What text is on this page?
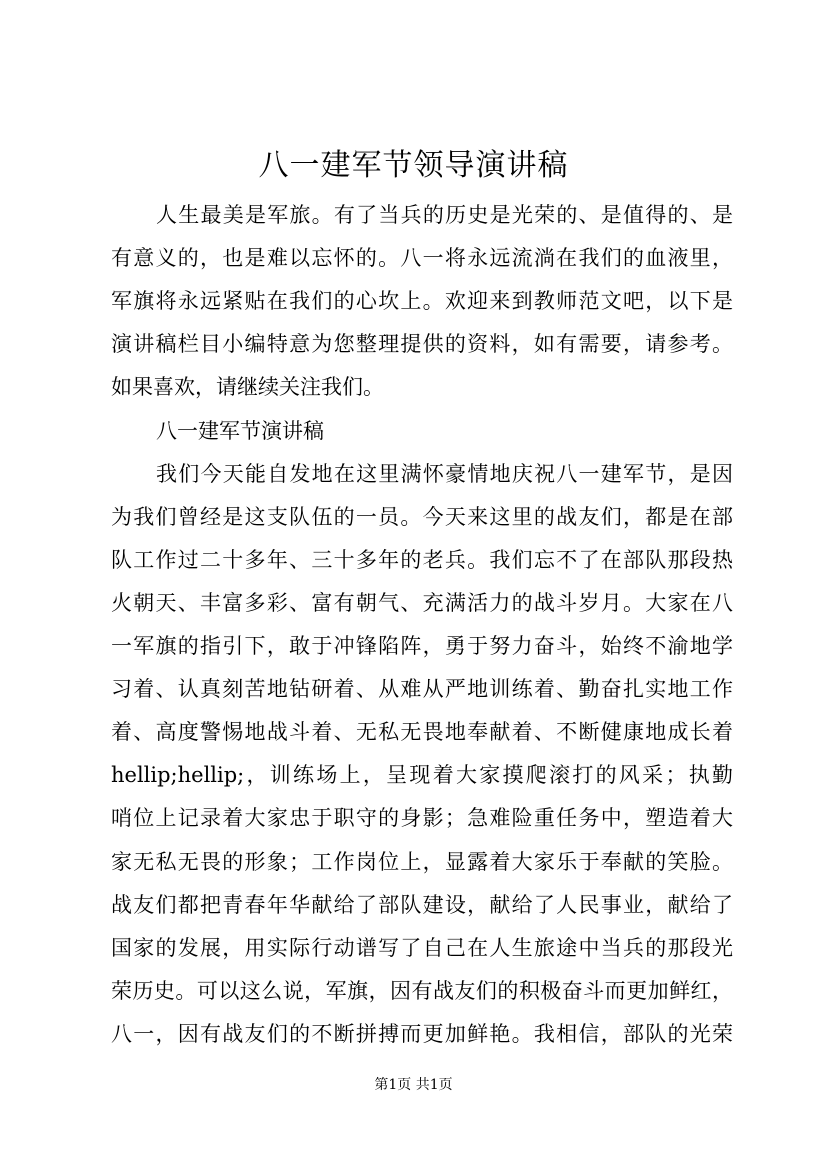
八一建军节领导演讲稿
人生最美是军旅。有了当兵的历史是光荣的、是值得的、是
有意义的，也是难以忘怀的。八一将永远流淌在我们的血液里，
军旗将永远紧贴在我们的心坎上。欢迎来到教师范文吧，以下是
演讲稿栏目小编特意为您整理提供的资料，如有需要，请参考。
如果喜欢，请继续关注我们。
八一建军节演讲稿
我们今天能自发地在这里满怀豪情地庆祝八一建军节，是因
为我们曾经是这支队伍的一员。今天来这里的战友们，都是在部
队工作过二十多年、三十多年的老兵。我们忘不了在部队那段热
火朝天、丰富多彩、富有朝气、充满活力的战斗岁月。大家在八
一军旗的指引下，敢于冲锋陷阵，勇于努力奋斗，始终不渝地学
习着、认真刻苦地钻研着、从难从严地训练着、勤奋扎实地工作
着、高度警惕地战斗着、无私无畏地奉献着、不断健康地成长着
hellip;hellip;，训练场上，呈现着大家摸爬滚打的风采；执勤
哨位上记录着大家忠于职守的身影；急难险重任务中，塑造着大
家无私无畏的形象；工作岗位上，显露着大家乐于奉献的笑脸。
战友们都把青春年华献给了部队建设，献给了人民事业，献给了
国家的发展，用实际行动谱写了自己在人生旅途中当兵的那段光
荣历史。可以这么说，军旗，因有战友们的积极奋斗而更加鲜红，
八一，因有战友们的不断拼搏而更加鲜艳。我相信，部队的光荣
第1页 共1页
